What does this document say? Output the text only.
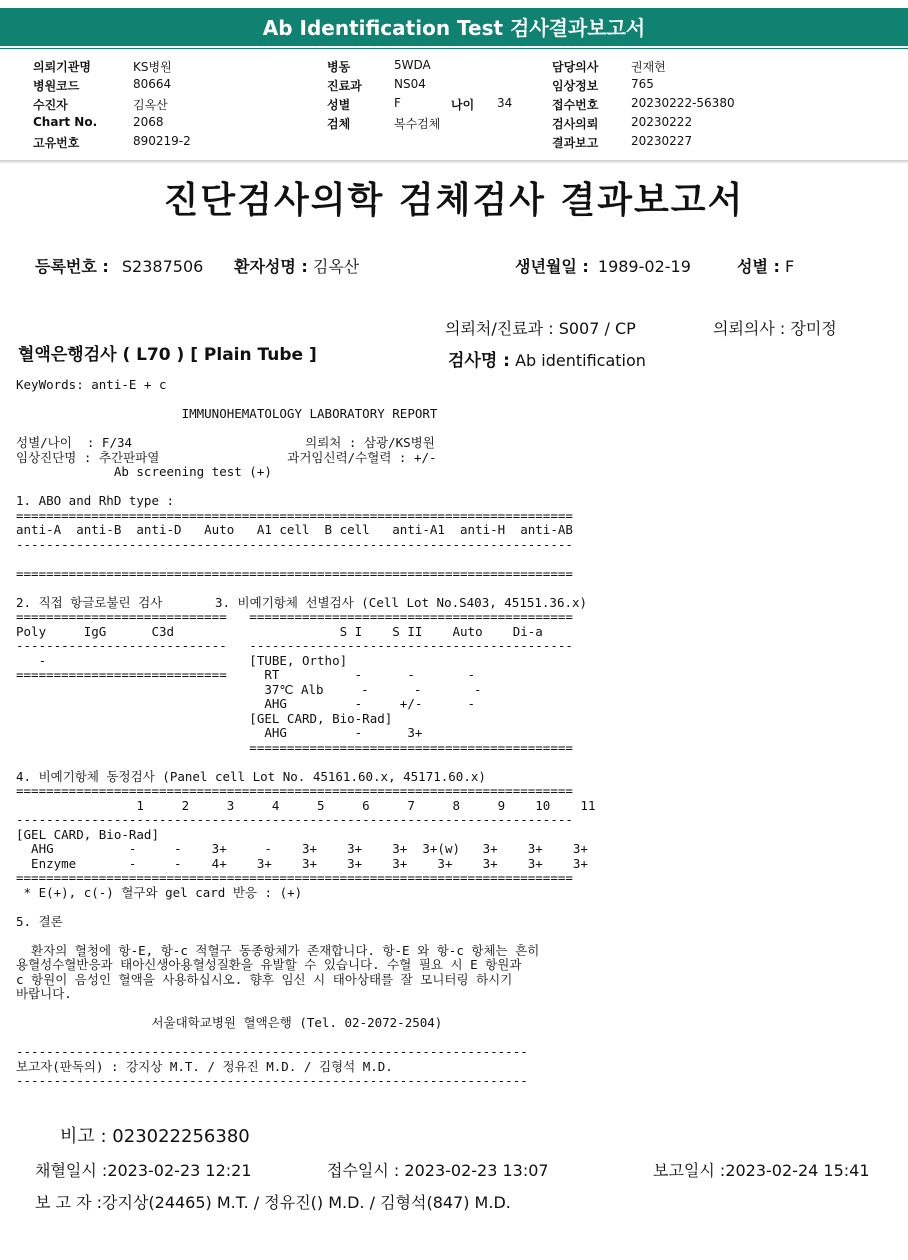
Ab Identification Test 검사결과보고서
의뢰기관명	KS병원
병원코드	80664
수진자	김옥산
Chart No.	2068
고유번호	890219-2
병동	5WDA
진료과	NS04
성별	F	나이 34
검체	복수검체
담당의사	권재현
임상정보	765
접수번호	20230222-56380
검사의뢰	20230222
결과보고	20230227
진단검사의학 검체검사 결과보고서
등록번호 : S2387506 환자성명 : 김옥산	생년월일 : 1989-02-19	성별 : F
의뢰처/진료과 : S007 / CP	의뢰의사 : 장미정
혈액은행검사 ( L70 ) [ Plain Tube ]	검사명 : Ab identification
KeyWords: anti-E + c
IMMUNOHEMATOLOGY LABORATORY REPORT
성별/나이  : F/34                       의뢰처 : 삼광/KS병원
임상진단명 : 추간판파열                 과거임신력/수혈력 : +/-
Ab screening test (+)
1. ABO and RhD type :
==========================================================================
anti-A  anti-B  anti-D   Auto   A1 cell  B cell   anti-A1  anti-H  anti-AB
--------------------------------------------------------------------------
==========================================================================
2. 직접 항글로불린 검사       3. 비예기항체 선별검사 (Cell Lot No.S403, 45151.36.x)
============================   ===========================================
Poly     IgG      C3d                      S I    S II    Auto    Di-a
----------------------------   -------------------------------------------
-                           [TUBE, Ortho]
============================     RT          -      -       -
37℃ Alb     -      -       -
AHG         -     +/-      -
[GEL CARD, Bio-Rad]
AHG         -      3+
===========================================
4. 비예기항체 동정검사 (Panel cell Lot No. 45161.60.x, 45171.60.x)
==========================================================================
1     2     3     4     5     6     7     8     9    10    11
--------------------------------------------------------------------------
[GEL CARD, Bio-Rad]
AHG          -     -    3+     -    3+    3+    3+  3+(w)   3+    3+    3+
Enzyme       -     -    4+    3+    3+    3+    3+    3+    3+    3+    3+
==========================================================================
* E(+), c(-) 혈구와 gel card 반응 : (+)
5. 결론
환자의 혈청에 항-E, 항-c 적혈구 동종항체가 존재합니다. 항-E 와 항-c 항체는 흔히
용혈성수혈반응과 태아신생아용혈성질환을 유발할 수 있습니다. 수혈 필요 시 E 항원과
c 항원이 음성인 혈액을 사용하십시오. 향후 임신 시 태아상태를 잘 모니터링 하시기
바랍니다.
서울대학교병원 혈액은행 (Tel. 02-2072-2504)
--------------------------------------------------------------------
보고자(판독의) : 강지상 M.T. / 정유진 M.D. / 김형석 M.D.
--------------------------------------------------------------------
비고 : 023022256380
채혈일시 :2023-02-23 12:21	접수일시 : 2023-02-23 13:07	보고일시 :2023-02-24 15:41
보 고 자 :강지상(24465) M.T. / 정유진() M.D. / 김형석(847) M.D.
